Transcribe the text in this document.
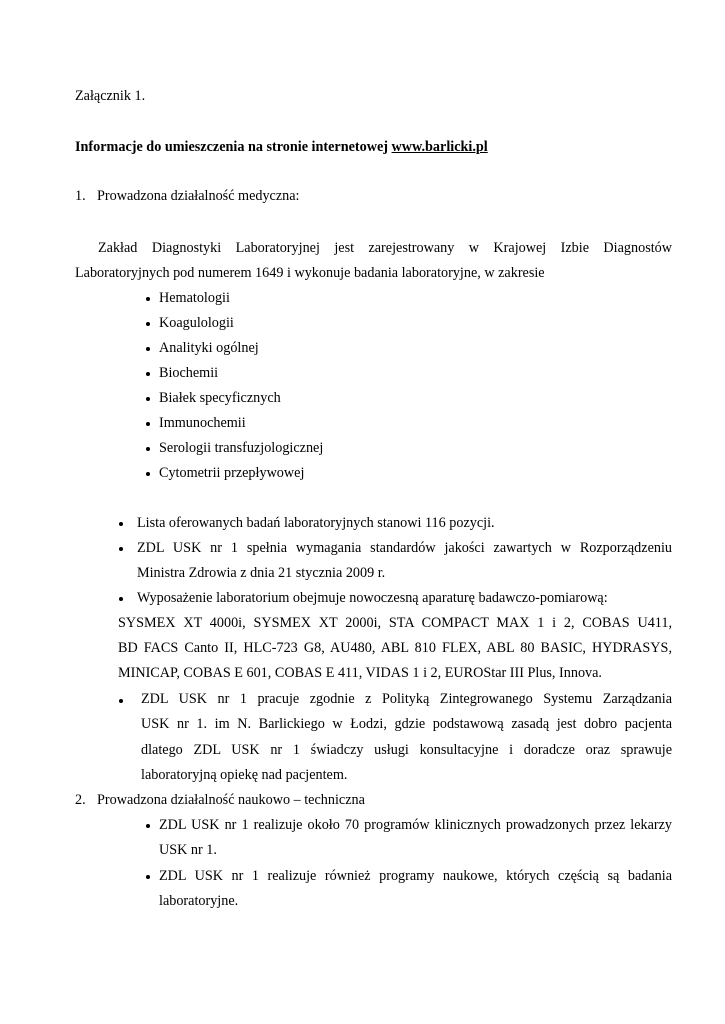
Załącznik 1.
Informacje do umieszczenia na stronie internetowej www.barlicki.pl
1. Prowadzona działalność medyczna:
Zakład Diagnostyki Laboratoryjnej jest zarejestrowany w Krajowej Izbie Diagnostów
Laboratoryjnych pod numerem 1649 i wykonuje badania laboratoryjne, w zakresie
Hematologii
Koagulologii
Analityki ogólnej
Biochemii
Białek specyficznych
Immunochemii
Serologii transfuzjologicznej
Cytometrii przepływowej
Lista oferowanych badań laboratoryjnych stanowi 116 pozycji.
ZDL USK nr 1 spełnia wymagania standardów jakości zawartych w Rozporządzeniu
Ministra Zdrowia z dnia 21 stycznia 2009 r.
Wyposażenie laboratorium obejmuje nowoczesną aparaturę badawczo-pomiarową:
SYSMEX XT 4000i, SYSMEX XT 2000i, STA COMPACT MAX 1 i 2, COBAS U411,
BD FACS Canto II, HLC-723 G8, AU480, ABL 810 FLEX, ABL 80 BASIC, HYDRASYS,
MINICAP, COBAS E 601, COBAS E 411, VIDAS 1 i 2, EUROStar III Plus, Innova.
ZDL USK nr 1 pracuje zgodnie z Polityką Zintegrowanego Systemu Zarządzania
USK nr 1. im N. Barlickiego w Łodzi, gdzie podstawową zasadą jest dobro pacjenta
dlatego ZDL USK nr 1 świadczy usługi konsultacyjne i doradcze oraz sprawuje
laboratoryjną opiekę nad pacjentem.
2. Prowadzona działalność naukowo – techniczna
ZDL USK nr 1 realizuje około 70 programów klinicznych prowadzonych przez lekarzy
USK nr 1.
ZDL USK nr 1 realizuje również programy naukowe, których częścią są badania
laboratoryjne.
